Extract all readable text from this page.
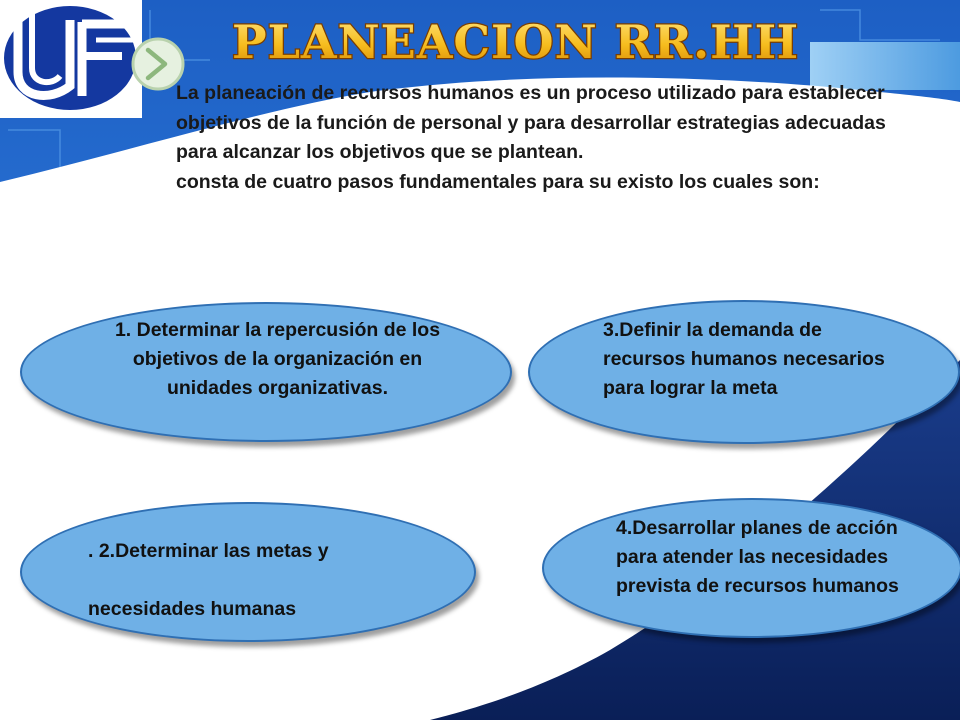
PLANEACION RR.HH

La planeación de recursos humanos es un proceso utilizado para establecer objetivos de la función de personal y para desarrollar estrategias adecuadas para alcanzar los objetivos que se plantean.

consta de cuatro pasos fundamentales para su existo los cuales son:

1. Determinar la repercusión de los objetivos de la organización en unidades organizativas.
3.Definir la demanda de recursos humanos necesarios para lograr la meta
. 2.Determinar las metas y
necesidades humanas
4.Desarrollar planes de acción para atender las necesidades prevista de recursos humanos
